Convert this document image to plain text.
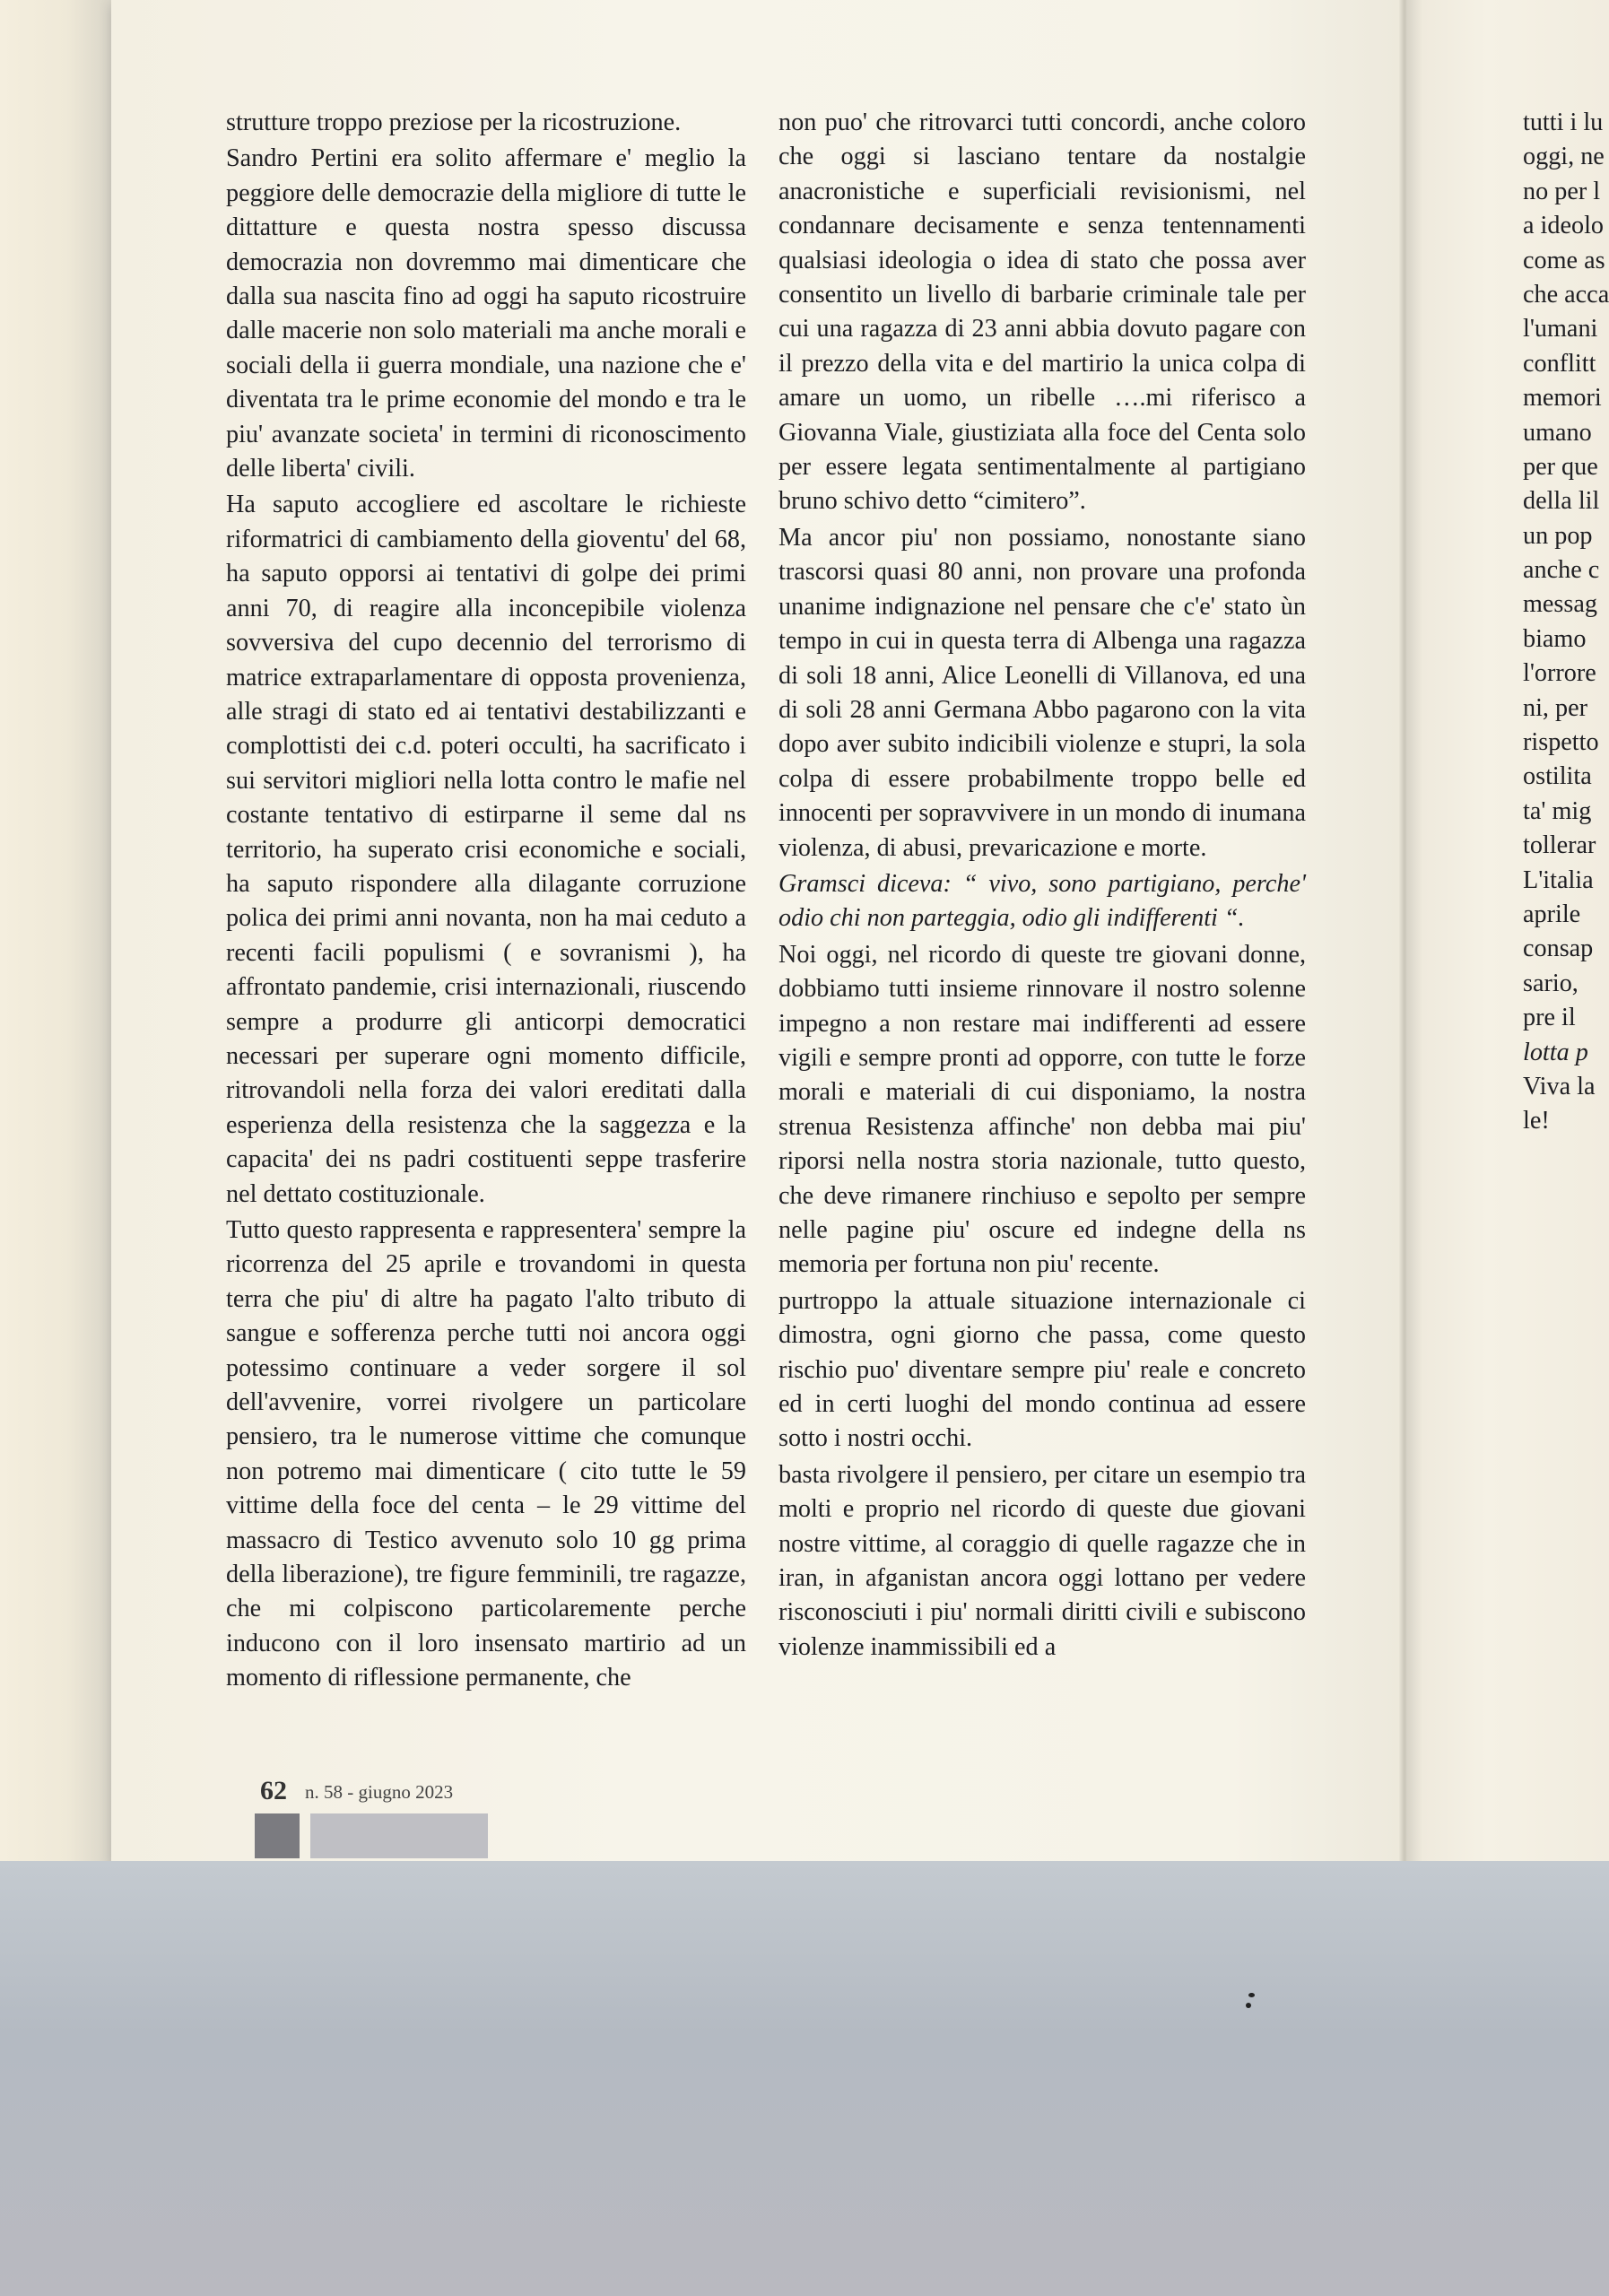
strutture troppo preziose per la ricostruzione.

Sandro Pertini era solito affermare e' meglio la peggiore delle democrazie della migliore di tutte le dittatture e questa nostra spesso discussa democrazia non dovremmo mai dimenticare che dalla sua nascita fino ad oggi ha saputo ricostruire dalle macerie non solo materiali ma anche morali e sociali della ii guerra mondiale, una nazione che e' diventata tra le prime economie del mondo e tra le piu' avanzate societa' in termini di riconoscimento delle liberta' civili.

Ha saputo accogliere ed ascoltare le richieste riformatrici di cambiamento della gioventu' del 68, ha saputo opporsi ai tentativi di golpe dei primi anni 70, di reagire alla inconcepibile violenza sovversiva del cupo decennio del terrorismo di matrice extraparlamentare di opposta provenienza, alle stragi di stato ed ai tentativi destabilizzanti e complottisti dei c.d. poteri occulti, ha sacrificato i sui servitori migliori nella lotta contro le mafie nel costante tentativo di estirparne il seme dal ns territorio, ha superato crisi economiche e sociali, ha saputo rispondere alla dilagante corruzione polica dei primi anni novanta, non ha mai ceduto a recenti facili populismi ( e sovranismi ), ha affrontato pandemie, crisi internazionali, riuscendo sempre a produrre gli anticorpi democratici necessari per superare ogni momento difficile, ritrovandoli nella forza dei valori ereditati dalla esperienza della resistenza che la saggezza e la capacita' dei ns padri costituenti seppe trasferire nel dettato costituzionale.

Tutto questo rappresenta e rappresentera' sempre la ricorrenza del 25 aprile e trovandomi in questa terra che piu' di altre ha pagato l'alto tributo di sangue e sofferenza perche tutti noi ancora oggi potessimo continuare a veder sorgere il sol dell'avvenire, vorrei rivolgere un particolare pensiero, tra le numerose vittime che comunque non potremo mai dimenticare ( cito tutte le 59 vittime della foce del centa – le 29 vittime del massacro di Testico avvenuto solo 10 gg prima della liberazione), tre figure femminili, tre ragazze, che mi colpiscono particolaremente perche inducono con il loro insensato martirio ad un momento di riflessione permanente, che

non puo' che ritrovarci tutti concordi, anche coloro che oggi si lasciano tentare da nostalgie anacronistiche e superficiali revisionismi, nel condannare decisamente e senza tentennamenti qualsiasi ideologia o idea di stato che possa aver consentito un livello di barbarie criminale tale per cui una ragazza di 23 anni abbia dovuto pagare con il prezzo della vita e del martirio la unica colpa di amare un uomo, un ribelle ….mi riferisco a Giovanna Viale, giustiziata alla foce del Centa solo per essere legata sentimentalmente al partigiano bruno schivo detto “cimitero”.

Ma ancor piu' non possiamo, nonostante siano trascorsi quasi 80 anni, non provare una profonda unanime indignazione nel pensare che c'e' stato ùn tempo in cui in questa terra di Albenga una ragazza di soli 18 anni, Alice Leonelli di Villanova, ed una di soli 28 anni Germana Abbo pagarono con la vita dopo aver subito indicibili violenze e stupri, la sola colpa di essere probabilmente troppo belle ed innocenti per sopravvivere in un mondo di inumana violenza, di abusi, prevaricazione e morte.

Gramsci diceva: “ vivo, sono partigiano, perche' odio chi non parteggia, odio gli indifferenti “.

Noi oggi, nel ricordo di queste tre giovani donne, dobbiamo tutti insieme rinnovare il nostro solenne impegno a non restare mai indifferenti ad essere vigili e sempre pronti ad opporre, con tutte le forze morali e materiali di cui disponiamo, la nostra strenua Resistenza affinche' non debba mai piu' riporsi nella nostra storia nazionale, tutto questo, che deve rimanere rinchiuso e sepolto per sempre nelle pagine piu' oscure ed indegne della ns memoria per fortuna non piu' recente.

purtroppo la attuale situazione internazionale ci dimostra, ogni giorno che passa, come questo rischio puo' diventare sempre piu' reale e concreto ed in certi luoghi del mondo continua ad essere sotto i nostri occhi.

basta rivolgere il pensiero, per citare un esempio tra molti e proprio nel ricordo di queste due giovani nostre vittime, al coraggio di quelle ragazze che in iran, in afganistan ancora oggi lottano per vedere risconosciuti i piu' normali diritti civili e subiscono violenze inammissibili ed a

tutti i lu
oggi, ne
no per l
a ideolo
come as
che acca
l'umani
conflitt
memori
umano
per que
della lil
un pop
anche c
messag
biamo
l'orrore
ni, per
rispetto
ostilita
ta' mig
tollerar
L'italia
aprile
consap
sario,
pre il
lotta p
Viva la
le!
62 n. 58 - giugno 2023
